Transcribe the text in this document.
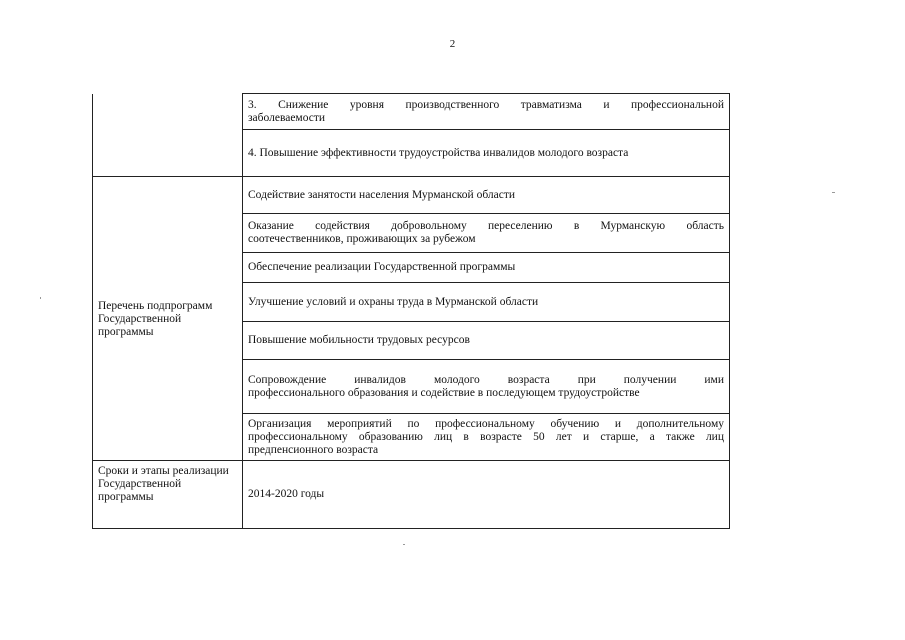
2

	3. Снижение уровня производственного травматизма и профессиональной
заболеваемости
	4. Повышение эффективности трудоустройства инвалидов молодого возраста
Перечень подпрограмм Государственной программы	Содействие занятости населения Мурманской области

	Оказание содействия добровольному переселению в Мурманскую область
соотечественников, проживающих за рубежом
	Обеспечение реализации Государственной программы
	Улучшение условий и охраны труда в Мурманской области
	Повышение мобильности трудовых ресурсов

	Сопровождение инвалидов молодого возраста при получении ими
профессионального образования и содействие в последующем трудоустройстве

	Организация мероприятий по профессиональному обучению и дополнительному
профессиональному образованию лиц в возрасте 50 лет и старше, а также лиц
предпенсионного возраста
Сроки и этапы реализации Государственной программы	2014-2020 годы
